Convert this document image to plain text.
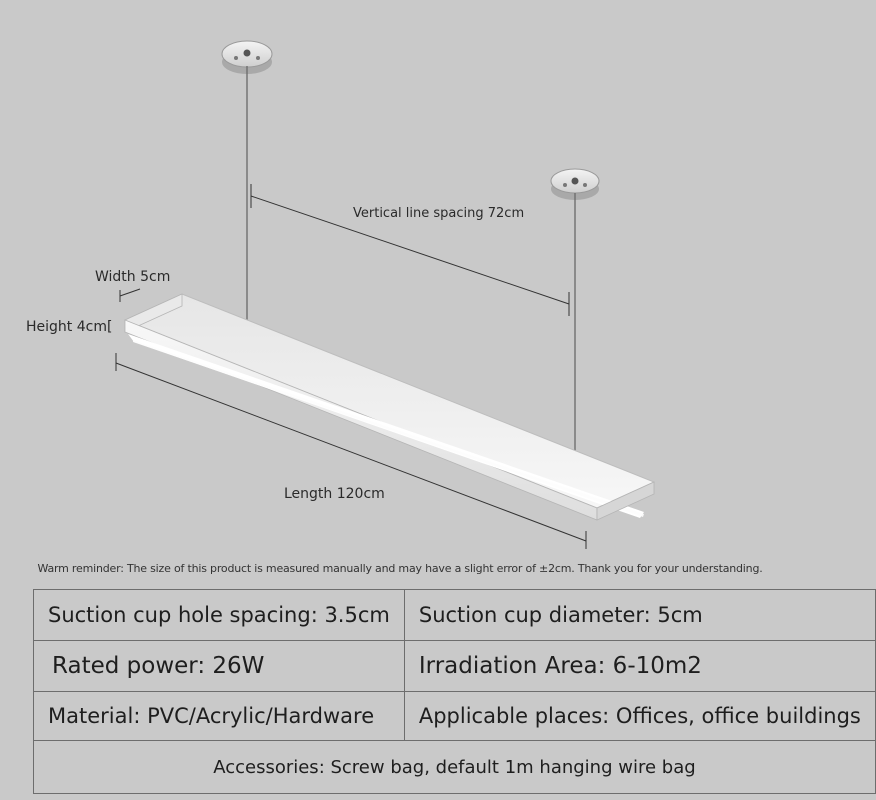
Vertical line spacing 72cm
Width 5cm
Height 4cm[
Length 120cm
Warm reminder: The size of this product is measured manually and may have a slight error of ±2cm. Thank you for your understanding.
Suction cup hole spacing: 3.5cm	Suction cup diameter: 5cm
Rated power: 26W	Irradiation Area: 6-10m2
Material: PVC/Acrylic/Hardware	Applicable places: Offices, office buildings
Accessories: Screw bag, default 1m hanging wire bag	
